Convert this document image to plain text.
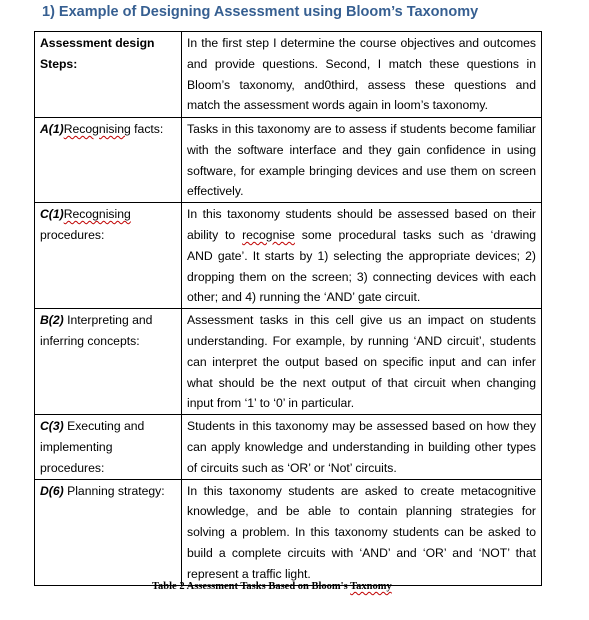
1) Example of Designing Assessment using Bloom’s Taxonomy
Assessment design Steps:	In the first step I determine the course objectives and outcomes and provide questions. Second, I match these questions in Bloom’s taxonomy, and0third, assess these questions and match the assessment words again in loom’s taxonomy.
A(1)Recognising facts:	Tasks in this taxonomy are to assess if students become familiar with the software interface and they gain confidence in using software, for example bringing devices and use them on screen effectively.
C(1)Recognising procedures:	In this taxonomy students should be assessed based on their ability to recognise some procedural tasks such as ‘drawing AND gate’. It starts by 1) selecting the appropriate devices; 2) dropping them on the screen; 3) connecting devices with each other; and 4) running the ‘AND’ gate circuit.
B(2) Interpreting and inferring concepts:	Assessment tasks in this cell give us an impact on students understanding. For example, by running ‘AND circuit’, students can interpret the output based on specific input and can infer what should be the next output of that circuit when changing input from ‘1’ to ‘0’ in particular.
C(3) Executing and implementing procedures:	Students in this taxonomy may be assessed based on how they can apply knowledge and understanding in building other types of circuits such as ‘OR’ or ‘Not’ circuits.
D(6) Planning strategy:	In this taxonomy students are asked to create metacognitive knowledge, and be able to contain planning strategies for solving a problem. In this taxonomy students can be asked to build a complete circuits with ‘AND’ and ‘OR’ and ‘NOT’ that represent a traffic light.
Table 2 Assessment Tasks Based on Bloom's Taxnomy
